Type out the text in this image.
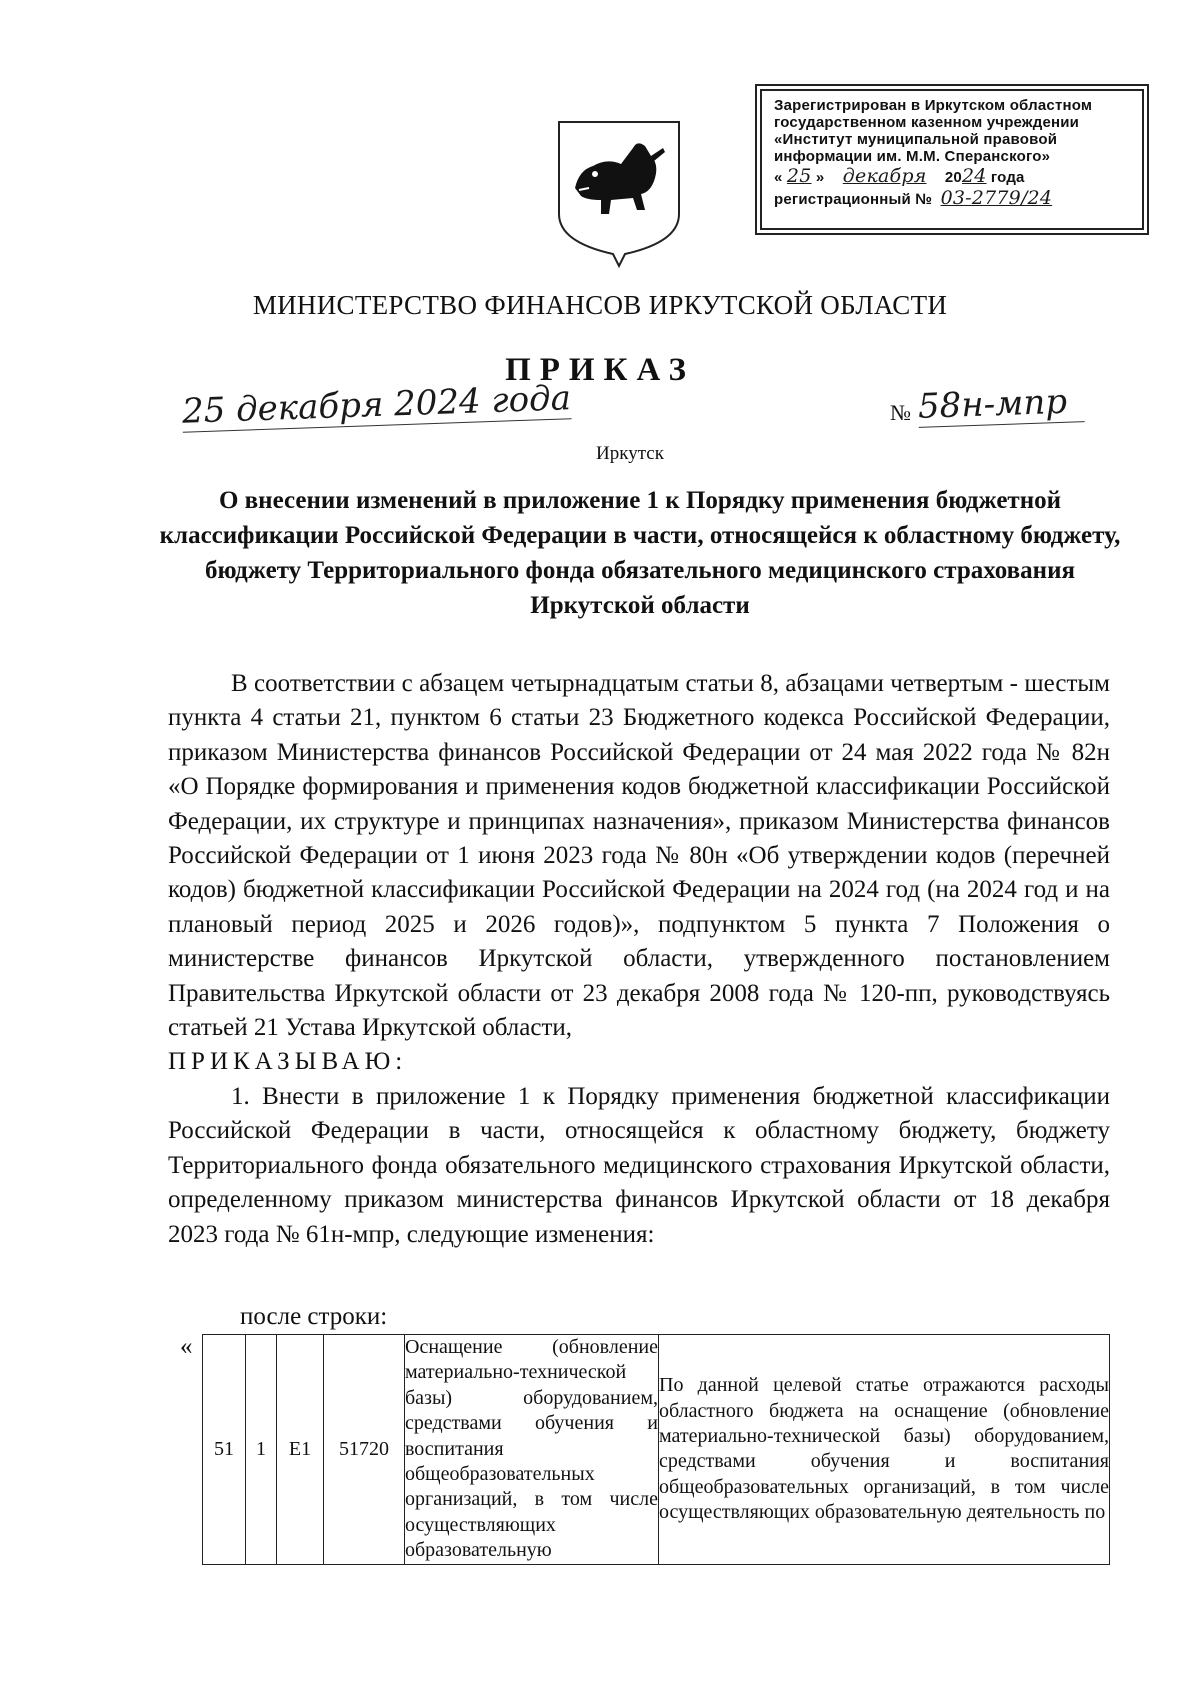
Зарегистрирован в Иркутском областном
государственном казенном учреждении
«Институт муниципальной правовой
информации им. М.М. Сперанского»
« 25 » декабря 2024 года
регистрационный № 03-2779/24
МИНИСТЕРСТВО ФИНАНСОВ ИРКУТСКОЙ ОБЛАСТИ
ПРИКАЗ
25 декабря 2024 года	№ 58н-мпр
Иркутск
О внесении изменений в приложение 1 к Порядку применения бюджетной классификации Российской Федерации в части, относящейся к областному бюджету, бюджету Территориального фонда обязательного медицинского страхования Иркутской области

В соответствии с абзацем четырнадцатым статьи 8, абзацами четвертым - шестым пункта 4 статьи 21, пунктом 6 статьи 23 Бюджетного кодекса Российской Федерации, приказом Министерства финансов Российской Федерации от 24 мая 2022 года № 82н «О Порядке формирования и применения кодов бюджетной классификации Российской Федерации, их структуре и принципах назначения», приказом Министерства финансов Российской Федерации от 1 июня 2023 года № 80н «Об утверждении кодов (перечней кодов) бюджетной классификации Российской Федерации на 2024 год (на 2024 год и на плановый период 2025 и 2026 годов)», подпунктом 5 пункта 7 Положения о министерстве финансов Иркутской области, утвержденного постановлением Правительства Иркутской области от 23 декабря 2008 года № 120-пп, руководствуясь статьей 21 Устава Иркутской области,

ПРИКАЗЫВАЮ:

1. Внести в приложение 1 к Порядку применения бюджетной классификации Российской Федерации в части, относящейся к областному бюджету, бюджету Территориального фонда обязательного медицинского страхования Иркутской области, определенному приказом министерства финансов Иркутской области от 18 декабря 2023 года № 61н-мпр, следующие изменения:

после строки:
«
51	1	E1	51720	Оснащение (обновление материально-технической базы) оборудованием, средствами обучения и воспитания общеобразовательных организаций, в том числе осуществляющих образовательную	По данной целевой статье отражаются расходы областного бюджета на оснащение (обновление материально-технической базы) оборудованием, средствами обучения и воспитания общеобразовательных организаций, в том числе осуществляющих образовательную деятельность по
